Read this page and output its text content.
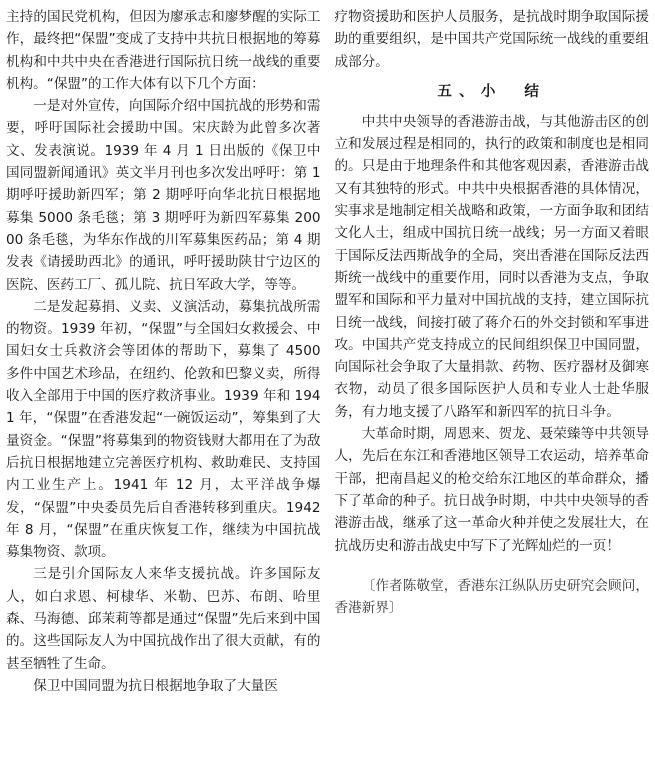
主持的国民党机构，但因为廖承志和廖梦醒的实际工作，最终把“保盟”变成了支持中共抗日根据地的筹募机构和中共中央在香港进行国际抗日统一战线的重要机构。“保盟”的工作大体有以下几个方面：

一是对外宣传，向国际介绍中国抗战的形势和需要，呼吁国际社会援助中国。宋庆龄为此曾多次著文、发表演说。1939 年 4 月 1 日出版的《保卫中国同盟新闻通讯》英文半月刊也多次发出呼吁：第 1 期呼吁援助新四军；第 2 期呼吁向华北抗日根据地募集 5000 条毛毯；第 3 期呼吁为新四军募集 20000 条毛毯，为华东作战的川军募集医药品；第 4 期发表《请援助西北》的通讯，呼吁援助陕甘宁边区的医院、医药工厂、孤儿院、抗日军政大学，等等。

二是发起募捐、义卖、义演活动，募集抗战所需的物资。1939 年初，“保盟”与全国妇女救援会、中国妇女士兵救济会等团体的帮助下，募集了 4500 多件中国艺术珍品，在纽约、伦敦和巴黎义卖，所得收入全部用于中国的医疗救济事业。1939 年和 1941 年，“保盟”在香港发起“一碗饭运动”，筹集到了大量资金。“保盟”将募集到的物资钱财大都用在了为敌后抗日根据地建立完善医疗机构、救助难民、支持国内工业生产上。1941 年 12 月，太平洋战争爆发，“保盟”中央委员先后自香港转移到重庆。1942 年 8 月，“保盟”在重庆恢复工作，继续为中国抗战募集物资、款项。

三是引介国际友人来华支援抗战。许多国际友人，如白求恩、柯棣华、米勒、巴苏、布朗、哈里森、马海德、邱茉莉等都是通过“保盟”先后来到中国的。这些国际友人为中国抗战作出了很大贡献，有的甚至牺牲了生命。

保卫中国同盟为抗日根据地争取了大量医

疗物资援助和医护人员服务，是抗战时期争取国际援助的重要组织，是中国共产党国际统一战线的重要组成部分。

五、小　结

中共中央领导的香港游击战，与其他游击区的创立和发展过程是相同的，执行的政策和制度也是相同的。只是由于地理条件和其他客观因素，香港游击战又有其独特的形式。中共中央根据香港的具体情况，实事求是地制定相关战略和政策，一方面争取和团结文化人士，组成中国抗日统一战线；另一方面又着眼于国际反法西斯战争的全局，突出香港在国际反法西斯统一战线中的重要作用，同时以香港为支点，争取盟军和国际和平力量对中国抗战的支持，建立国际抗日统一战线，间接打破了蒋介石的外交封锁和军事进攻。中国共产党支持成立的民间组织保卫中国同盟，向国际社会争取了大量捐款、药物、医疗器材及御寒衣物，动员了很多国际医护人员和专业人士赴华服务，有力地支援了八路军和新四军的抗日斗争。

大革命时期，周恩来、贺龙、聂荣臻等中共领导人，先后在东江和香港地区领导工农运动，培养革命干部，把南昌起义的枪交给东江地区的革命群众，播下了革命的种子。抗日战争时期，中共中央领导的香港游击战，继承了这一革命火种并使之发展壮大，在抗战历史和游击战史中写下了光辉灿烂的一页！

〔作者陈敬堂，香港东江纵队历史研究会顾问，香港新界〕
